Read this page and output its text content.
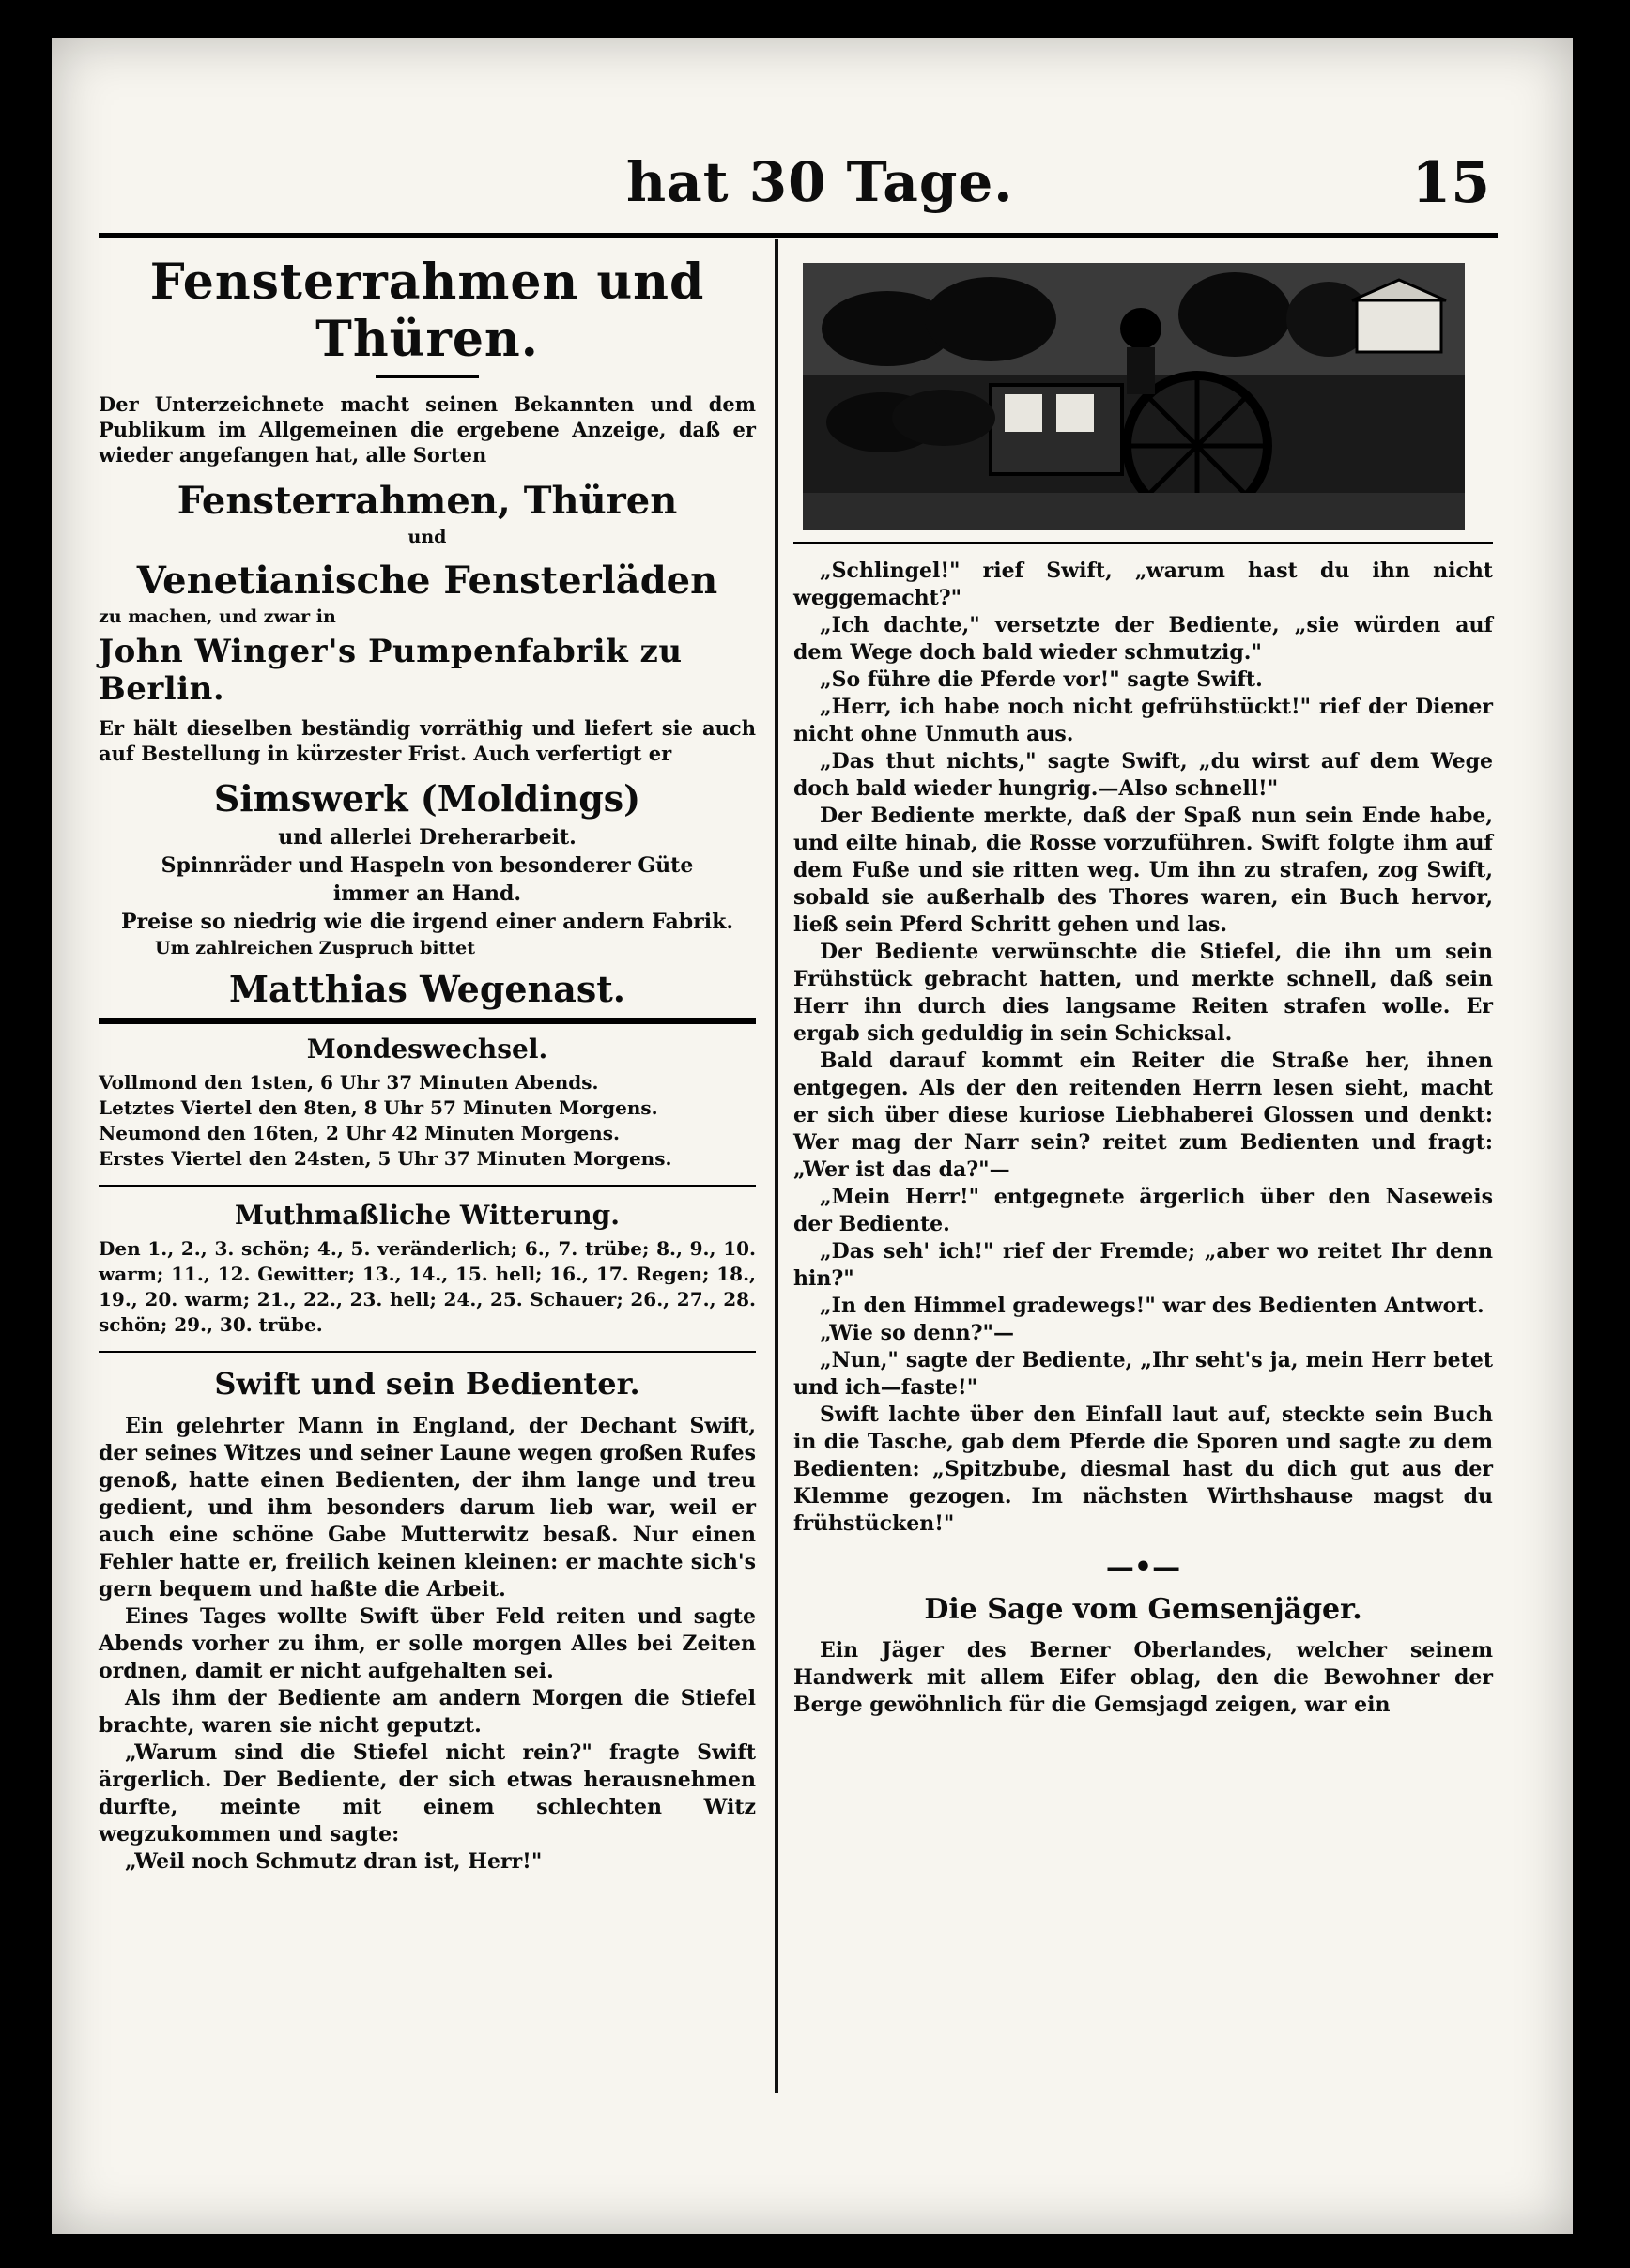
hat 30 Tage.	15
Fensterrahmen und Thüren.

Der Unterzeichnete macht seinen Bekannten und dem Publikum im Allgemeinen die ergebene Anzeige, daß er wieder angefangen hat, alle Sorten

Fensterrahmen, Thüren
und
Venetianische Fensterläden
zu machen, und zwar in
John Winger's Pumpenfabrik zu Berlin.

Er hält dieselben beständig vorräthig und liefert sie auch auf Bestellung in kürzester Frist. Auch verfertigt er

Simswerk (Moldings)
und allerlei Dreherarbeit.
Spinnräder und Haspeln von besonderer Güte
immer an Hand.
Preise so niedrig wie die irgend einer andern Fabrik.
Um zahlreichen Zuspruch bittet
Matthias Wegenast.
Mondeswechsel.

Vollmond den 1sten, 6 Uhr 37 Minuten Abends.

Letztes Viertel den 8ten, 8 Uhr 57 Minuten Morgens.

Neumond den 16ten, 2 Uhr 42 Minuten Morgens.

Erstes Viertel den 24sten, 5 Uhr 37 Minuten Morgens.

Muthmaßliche Witterung.

Den 1., 2., 3. schön; 4., 5. veränderlich; 6., 7. trübe; 8., 9., 10. warm; 11., 12. Gewitter; 13., 14., 15. hell; 16., 17. Regen; 18., 19., 20. warm; 21., 22., 23. hell; 24., 25. Schauer; 26., 27., 28. schön; 29., 30. trübe.

Swift und sein Bedienter.

Ein gelehrter Mann in England, der Dechant Swift, der seines Witzes und seiner Laune wegen großen Rufes genoß, hatte einen Bedienten, der ihm lange und treu gedient, und ihm besonders darum lieb war, weil er auch eine schöne Gabe Mutterwitz besaß. Nur einen Fehler hatte er, freilich keinen kleinen: er machte sich's gern bequem und haßte die Arbeit.

Eines Tages wollte Swift über Feld reiten und sagte Abends vorher zu ihm, er solle morgen Alles bei Zeiten ordnen, damit er nicht aufgehalten sei.

Als ihm der Bediente am andern Morgen die Stiefel brachte, waren sie nicht geputzt.

„Warum sind die Stiefel nicht rein?" fragte Swift ärgerlich. Der Bediente, der sich etwas herausnehmen durfte, meinte mit einem schlechten Witz wegzukommen und sagte:

„Weil noch Schmutz dran ist, Herr!"

„Schlingel!" rief Swift, „warum hast du ihn nicht weggemacht?"

„Ich dachte," versetzte der Bediente, „sie würden auf dem Wege doch bald wieder schmutzig."

„So führe die Pferde vor!" sagte Swift.

„Herr, ich habe noch nicht gefrühstückt!" rief der Diener nicht ohne Unmuth aus.

„Das thut nichts," sagte Swift, „du wirst auf dem Wege doch bald wieder hungrig.—Also schnell!"

Der Bediente merkte, daß der Spaß nun sein Ende habe, und eilte hinab, die Rosse vorzuführen. Swift folgte ihm auf dem Fuße und sie ritten weg. Um ihn zu strafen, zog Swift, sobald sie außerhalb des Thores waren, ein Buch hervor, ließ sein Pferd Schritt gehen und las.

Der Bediente verwünschte die Stiefel, die ihn um sein Frühstück gebracht hatten, und merkte schnell, daß sein Herr ihn durch dies langsame Reiten strafen wolle. Er ergab sich geduldig in sein Schicksal.

Bald darauf kommt ein Reiter die Straße her, ihnen entgegen. Als der den reitenden Herrn lesen sieht, macht er sich über diese kuriose Liebhaberei Glossen und denkt: Wer mag der Narr sein? reitet zum Bedienten und fragt: „Wer ist das da?"—

„Mein Herr!" entgegnete ärgerlich über den Naseweis der Bediente.

„Das seh' ich!" rief der Fremde; „aber wo reitet Ihr denn hin?"

„In den Himmel gradewegs!" war des Bedienten Antwort.

„Wie so denn?"—

„Nun," sagte der Bediente, „Ihr seht's ja, mein Herr betet und ich—faste!"

Swift lachte über den Einfall laut auf, steckte sein Buch in die Tasche, gab dem Pferde die Sporen und sagte zu dem Bedienten: „Spitzbube, diesmal hast du dich gut aus der Klemme gezogen. Im nächsten Wirthshause magst du frühstücken!"

—•—
Die Sage vom Gemsenjäger.

Ein Jäger des Berner Oberlandes, welcher seinem Handwerk mit allem Eifer oblag, den die Bewohner der Berge gewöhnlich für die Gemsjagd zeigen, war ein
